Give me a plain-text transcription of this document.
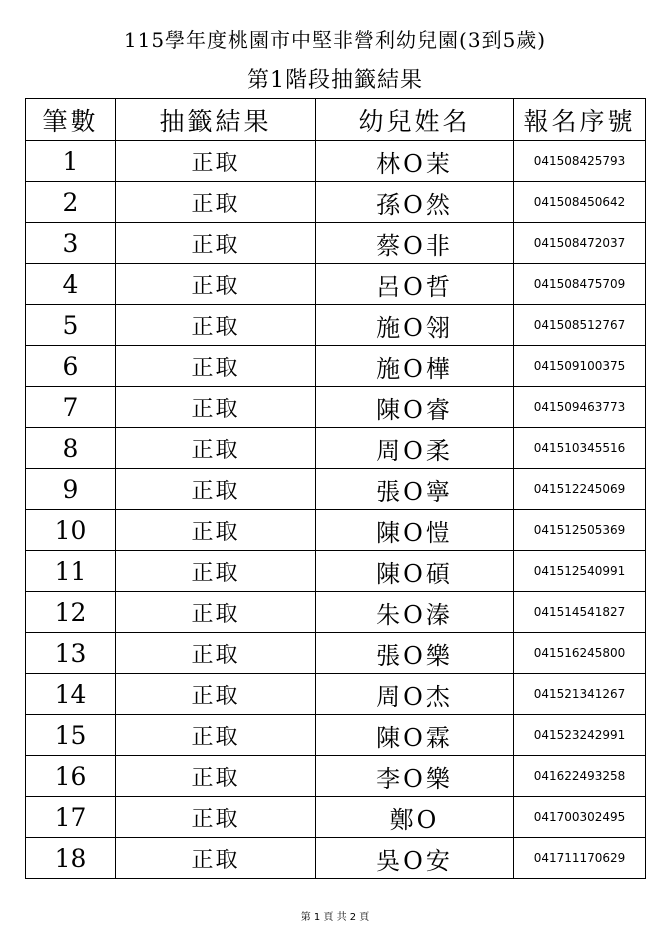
115學年度桃園市中堅非營利幼兒園(3到5歲)
第1階段抽籤結果
筆數	抽籤結果	幼兒姓名	報名序號
1	正取	林O茉	041508425793
2	正取	孫O然	041508450642
3	正取	蔡O非	041508472037
4	正取	呂O哲	041508475709
5	正取	施O翎	041508512767
6	正取	施O樺	041509100375
7	正取	陳O睿	041509463773
8	正取	周O柔	041510345516
9	正取	張O寧	041512245069
10	正取	陳O愷	041512505369
11	正取	陳O碩	041512540991
12	正取	朱O溱	041514541827
13	正取	張O樂	041516245800
14	正取	周O杰	041521341267
15	正取	陳O霖	041523242991
16	正取	李O樂	041622493258
17	正取	鄭O	041700302495
18	正取	吳O安	041711170629
第 1 頁 共 2 頁
